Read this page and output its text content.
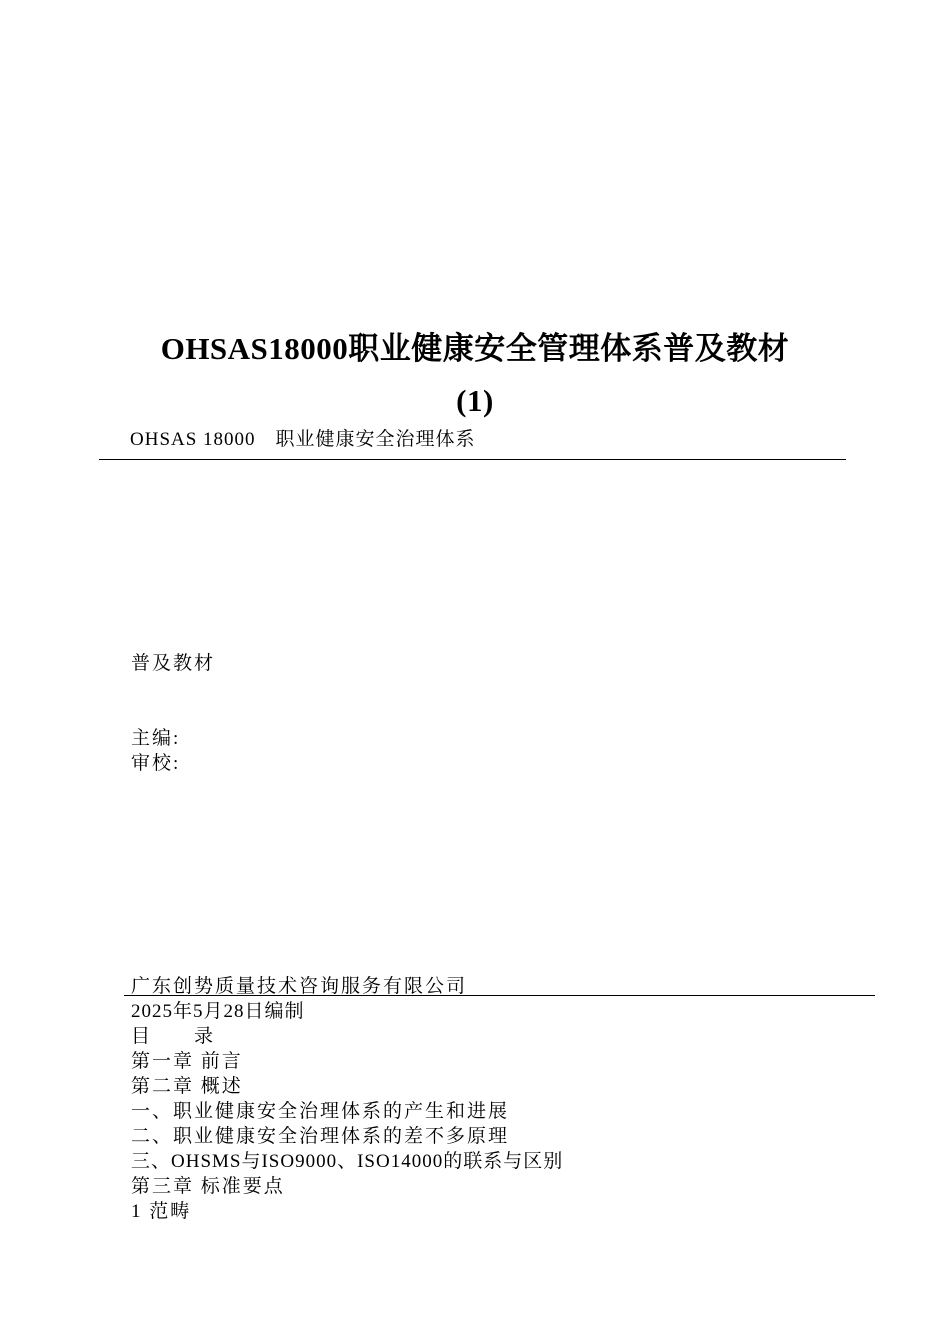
OHSAS18000职业健康安全管理体系普及教材
(1)
OHSAS 18000　职业健康安全治理体系
普及教材
主编:
审校:
广东创势质量技术咨询服务有限公司
2025年5月28日编制
目　　录
第一章 前言
第二章 概述
一、职业健康安全治理体系的产生和进展
二、职业健康安全治理体系的差不多原理
三、OHSMS与ISO9000、ISO14000的联系与区别
第三章 标准要点
1 范畴
